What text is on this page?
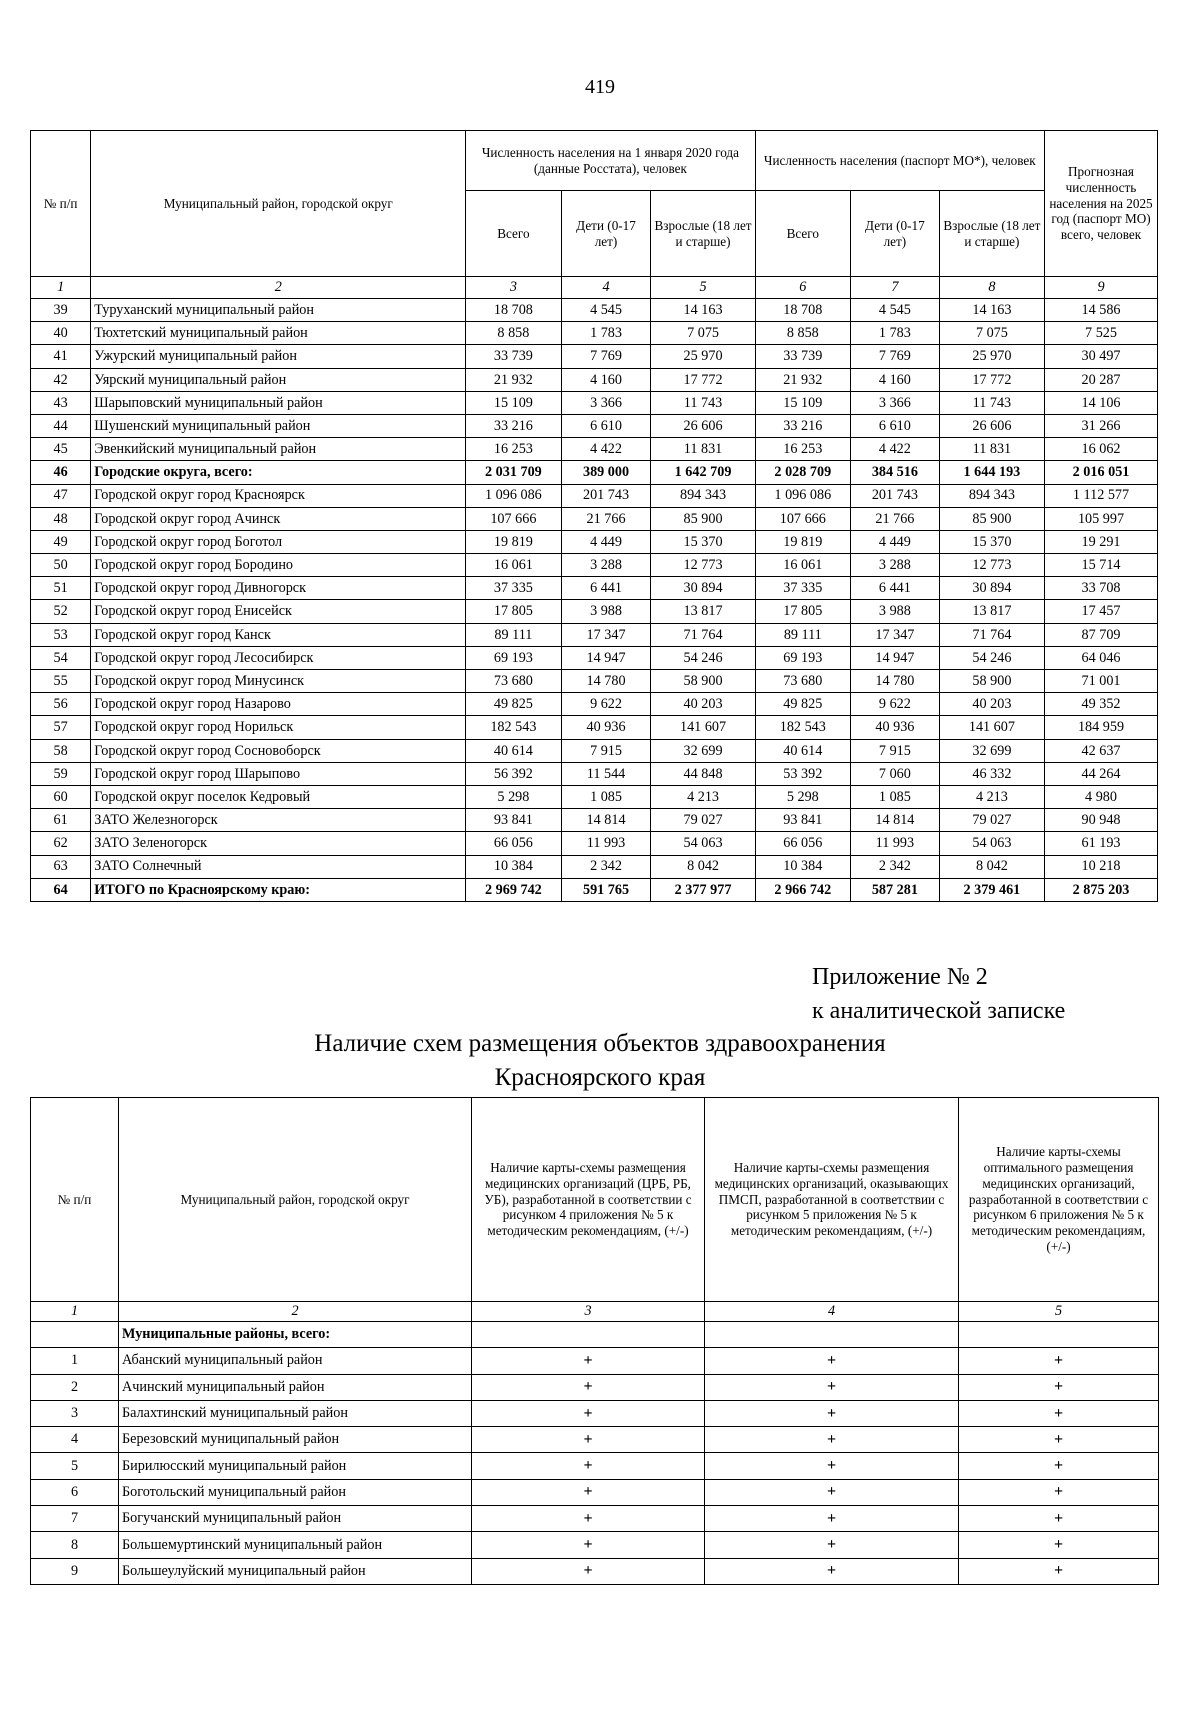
419
№ п/п	Муниципальный район, городской округ	Численность населения на 1 января 2020 года (данные Росстата), человек			Численность населения (паспорт МО*), человек			Прогнозная численность населения на 2025 год (паспорт МО) всего, человек
		Всего	Дети (0-17 лет)	Взрослые (18 лет и старше)	Всего	Дети (0-17 лет)	Взрослые (18 лет и старше)	
1	2	3	4	5	6	7	8	9
39	Туруханский муниципальный район	18 708	4 545	14 163	18 708	4 545	14 163	14 586
40	Тюхтетский муниципальный район	8 858	1 783	7 075	8 858	1 783	7 075	7 525
41	Ужурский муниципальный район	33 739	7 769	25 970	33 739	7 769	25 970	30 497
42	Уярский муниципальный район	21 932	4 160	17 772	21 932	4 160	17 772	20 287
43	Шарыповский муниципальный район	15 109	3 366	11 743	15 109	3 366	11 743	14 106
44	Шушенский муниципальный район	33 216	6 610	26 606	33 216	6 610	26 606	31 266
45	Эвенкийский муниципальный район	16 253	4 422	11 831	16 253	4 422	11 831	16 062
46	Городские округа, всего:	2 031 709	389 000	1 642 709	2 028 709	384 516	1 644 193	2 016 051
47	Городской округ город Красноярск	1 096 086	201 743	894 343	1 096 086	201 743	894 343	1 112 577
48	Городской округ город Ачинск	107 666	21 766	85 900	107 666	21 766	85 900	105 997
49	Городской округ город Боготол	19 819	4 449	15 370	19 819	4 449	15 370	19 291
50	Городской округ город Бородино	16 061	3 288	12 773	16 061	3 288	12 773	15 714
51	Городской округ город Дивногорск	37 335	6 441	30 894	37 335	6 441	30 894	33 708
52	Городской округ город Енисейск	17 805	3 988	13 817	17 805	3 988	13 817	17 457
53	Городской округ город Канск	89 111	17 347	71 764	89 111	17 347	71 764	87 709
54	Городской округ город Лесосибирск	69 193	14 947	54 246	69 193	14 947	54 246	64 046
55	Городской округ город Минусинск	73 680	14 780	58 900	73 680	14 780	58 900	71 001
56	Городской округ город Назарово	49 825	9 622	40 203	49 825	9 622	40 203	49 352
57	Городской округ город Норильск	182 543	40 936	141 607	182 543	40 936	141 607	184 959
58	Городской округ город Сосновоборск	40 614	7 915	32 699	40 614	7 915	32 699	42 637
59	Городской округ город Шарыпово	56 392	11 544	44 848	53 392	7 060	46 332	44 264
60	Городской округ поселок Кедровый	5 298	1 085	4 213	5 298	1 085	4 213	4 980
61	ЗАТО Железногорск	93 841	14 814	79 027	93 841	14 814	79 027	90 948
62	ЗАТО Зеленогорск	66 056	11 993	54 063	66 056	11 993	54 063	61 193
63	ЗАТО Солнечный	10 384	2 342	8 042	10 384	2 342	8 042	10 218
64	ИТОГО по Красноярскому краю:	2 969 742	591 765	2 377 977	2 966 742	587 281	2 379 461	2 875 203
Приложение № 2
к аналитической записке
Наличие схем размещения объектов здравоохранения
Красноярского края
№ п/п	Муниципальный район, городской округ	Наличие карты-схемы размещения медицинских организаций (ЦРБ, РБ, УБ), разработанной в соответствии с рисунком 4 приложения № 5 к методическим рекомендациям, (+/-)	Наличие карты-схемы размещения медицинских организаций, оказывающих ПМСП, разработанной в соответствии с рисунком 5 приложения № 5 к методическим рекомендациям, (+/-)	Наличие карты-схемы оптимального размещения медицинских организаций, разработанной в соответствии с рисунком 6 приложения № 5 к методическим рекомендациям, (+/-)
1	2	3	4	5
	Муниципальные районы, всего:			
1	Абанский муниципальный район	+	+	+
2	Ачинский муниципальный район	+	+	+
3	Балахтинский муниципальный район	+	+	+
4	Березовский муниципальный район	+	+	+
5	Бирилюсский муниципальный район	+	+	+
6	Боготольский муниципальный район	+	+	+
7	Богучанский муниципальный район	+	+	+
8	Большемуртинский муниципальный район	+	+	+
9	Большеулуйский муниципальный район	+	+	+
